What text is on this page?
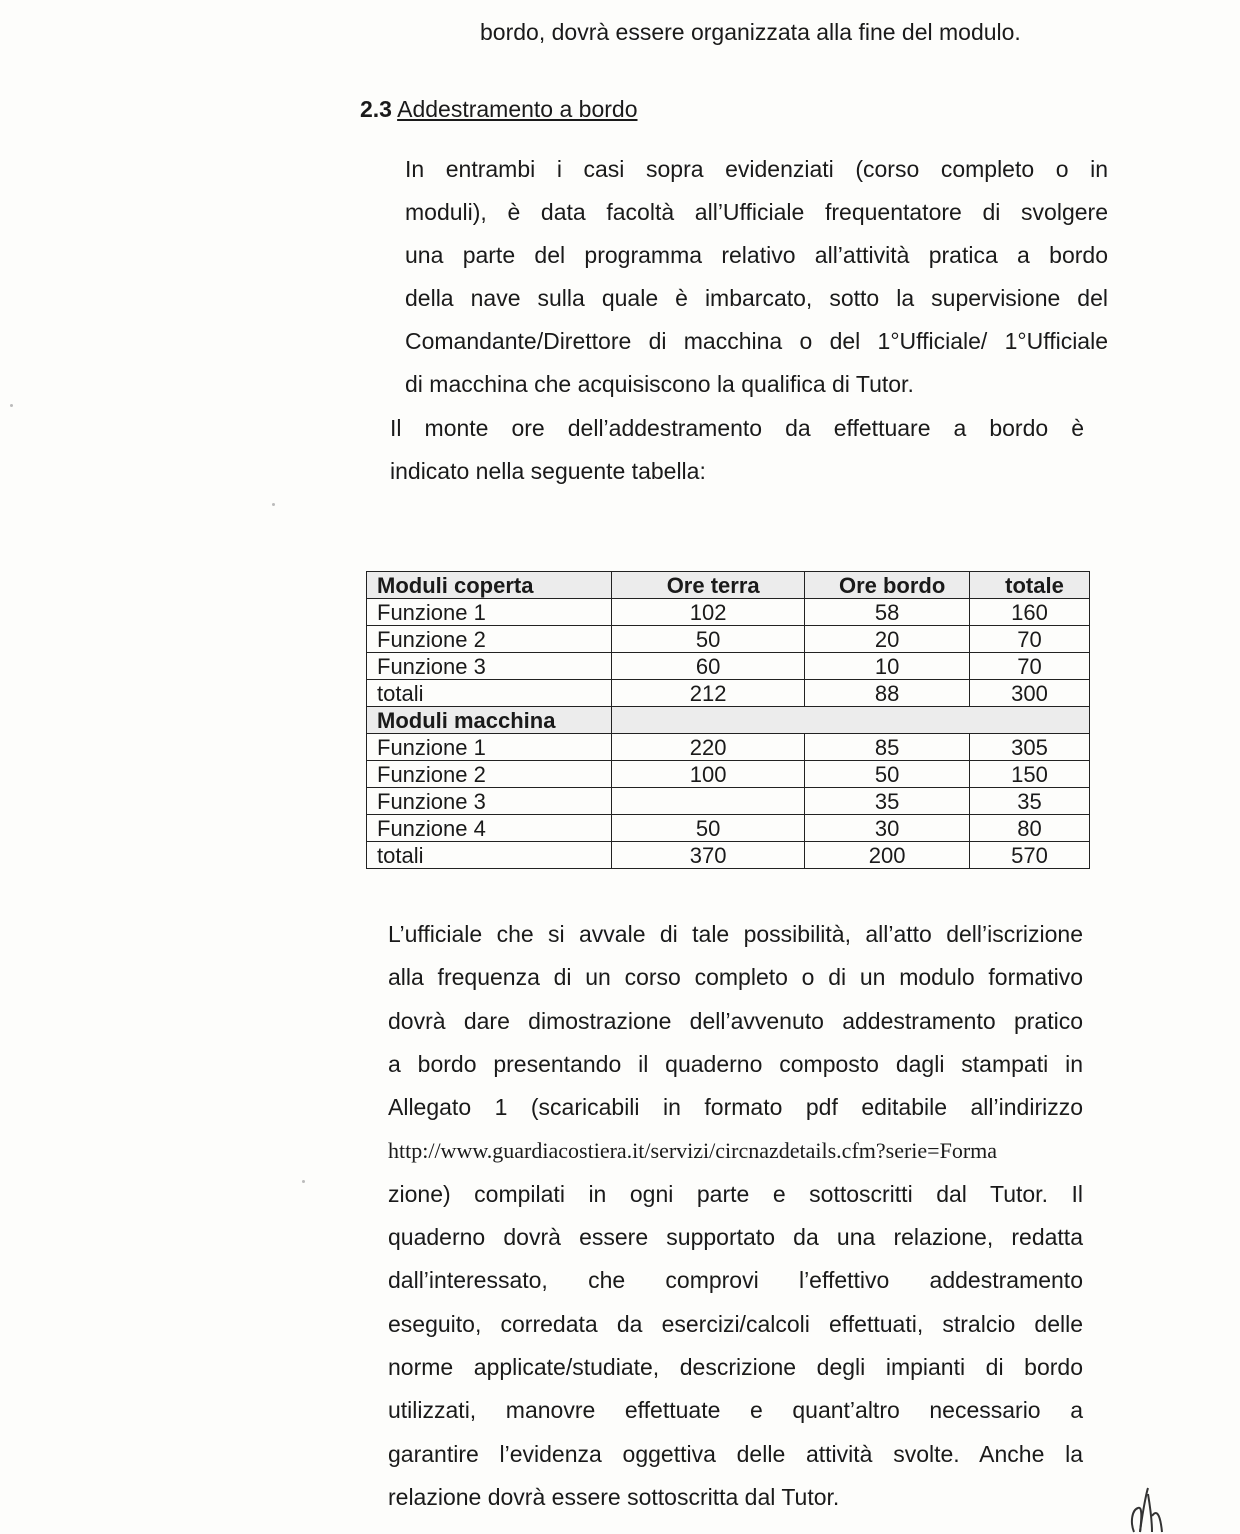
bordo, dovrà essere organizzata alla fine del modulo.
2.3 Addestramento a bordo
In entrambi i casi sopra evidenziati (corso completo o in
moduli), è data facoltà all’Ufficiale frequentatore di svolgere
una parte del programma relativo all’attività pratica a bordo
della nave sulla quale è imbarcato, sotto la supervisione del
Comandante/Direttore di macchina o del 1°Ufficiale/ 1°Ufficiale
di macchina che acquisiscono la qualifica di Tutor.
Il monte ore dell’addestramento da effettuare a bordo è
indicato nella seguente tabella:
Moduli coperta	Ore terra	Ore bordo	totale
Funzione 1	102	58	160
Funzione 2	50	20	70
Funzione 3	60	10	70
totali	212	88	300
Moduli macchina			
Funzione 1	220	85	305
Funzione 2	100	50	150
Funzione 3		35	35
Funzione 4	50	30	80
totali	370	200	570
L’ufficiale che si avvale di tale possibilità, all’atto dell’iscrizione
alla frequenza di un corso completo o di un modulo formativo
dovrà dare dimostrazione dell’avvenuto addestramento pratico
a bordo presentando il quaderno composto dagli stampati in
Allegato 1 (scaricabili in formato pdf editabile all’indirizzo
http://www.guardiacostiera.it/servizi/circnazdetails.cfm?serie=Forma
zione) compilati in ogni parte e sottoscritti dal Tutor. Il
quaderno dovrà essere supportato da una relazione, redatta
dall’interessato, che comprovi l’effettivo addestramento
eseguito, corredata da esercizi/calcoli effettuati, stralcio delle
norme applicate/studiate, descrizione degli impianti di bordo
utilizzati, manovre effettuate e quant’altro necessario a
garantire l’evidenza oggettiva delle attività svolte. Anche la
relazione dovrà essere sottoscritta dal Tutor.
